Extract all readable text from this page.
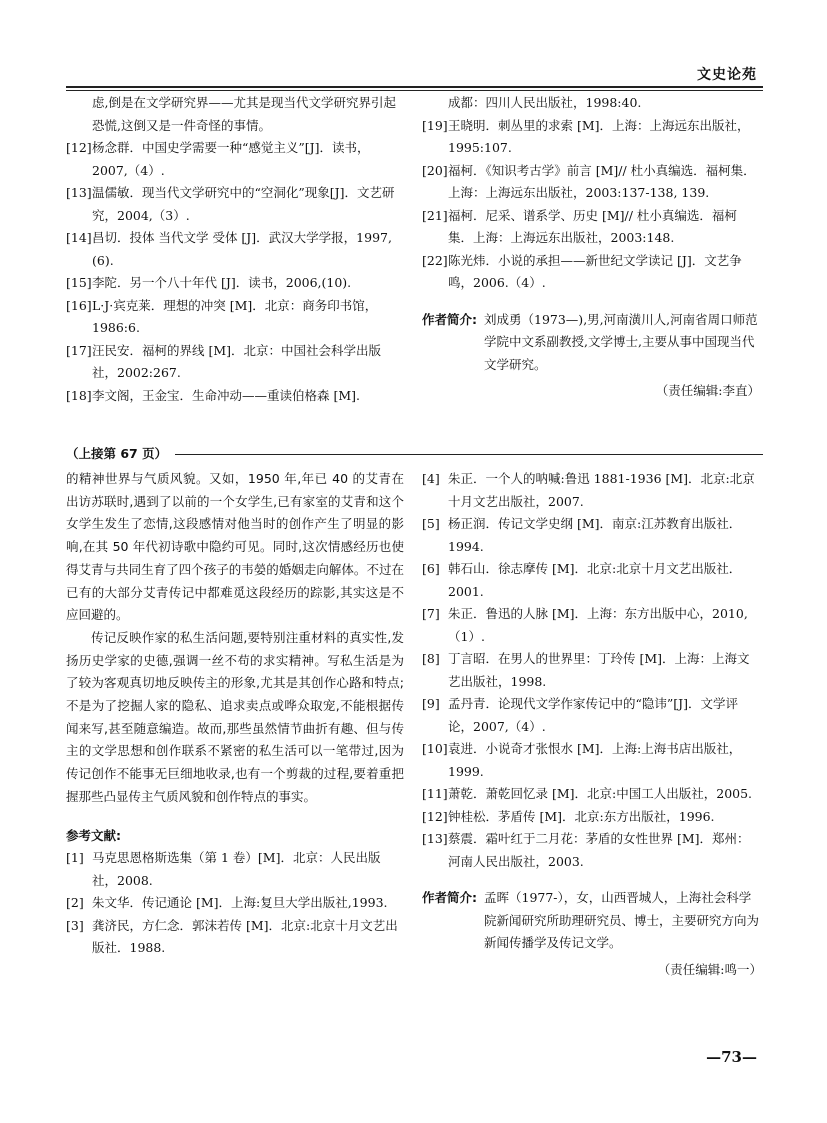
文史论苑
虑,倒是在文学研究界——尤其是现当代文学研究界引起恐慌,这倒又是一件奇怪的事情。
[12]杨念群．中国史学需要一种“感觉主义”[J]．读书，2007,（4）.
[13]温儒敏．现当代文学研究中的“空洞化”现象[J]．文艺研究，2004,（3）.
[14]昌切．投体 当代文学 受体 [J]．武汉大学学报，1997,(6).
[15]李陀．另一个八十年代 [J]．读书，2006,(10).
[16]L·J·宾克莱．理想的冲突 [M]．北京：商务印书馆，1986:6.
[17]汪民安．福柯的界线 [M]．北京：中国社会科学出版社，2002:267.
[18]李文阁，王金宝．生命冲动——重读伯格森 [M].
成都：四川人民出版社，1998:40.
[19]王晓明．刺丛里的求索 [M]．上海：上海远东出版社，1995:107.
[20]福柯．《知识考古学》前言 [M]// 杜小真编选．福柯集．上海：上海远东出版社，2003:137-138, 139.
[21]福柯．尼采、谱系学、历史 [M]// 杜小真编选．福柯集．上海：上海远东出版社，2003:148.
[22]陈光炜．小说的承担——新世纪文学读记 [J]．文艺争鸣，2006.（4）.
作者简介: 刘成勇（1973—),男,河南潢川人,河南省周口师范学院中文系副教授,文学博士,主要从事中国现当代文学研究。
（责任编辑:李直）
（上接第 67 页）
的精神世界与气质风貌。又如，1950 年,年已 40 的艾青在出访苏联时,遇到了以前的一个女学生,已有家室的艾青和这个女学生发生了恋情,这段感情对他当时的创作产生了明显的影响,在其 50 年代初诗歌中隐约可见。同时,这次情感经历也使得艾青与共同生育了四个孩子的韦嫈的婚姻走向解体。不过在已有的大部分艾青传记中都难觅这段经历的踪影,其实这是不应回避的。
传记反映作家的私生活问题,要特别注重材料的真实性,发扬历史学家的史德,强调一丝不苟的求实精神。写私生活是为了较为客观真切地反映传主的形象,尤其是其创作心路和特点;不是为了挖掘人家的隐私、追求卖点或哗众取宠,不能根据传闻来写,甚至随意编造。故而,那些虽然情节曲折有趣、但与传主的文学思想和创作联系不紧密的私生活可以一笔带过,因为传记创作不能事无巨细地收录,也有一个剪裁的过程,要着重把握那些凸显传主气质风貌和创作特点的事实。
参考文献:
[1] 马克思恩格斯选集（第 1 卷）[M]．北京：人民出版社，2008.
[2] 朱文华．传记通论 [M]．上海:复旦大学出版社,1993.
[3] 龚济民，方仁念．郭沫若传 [M]．北京:北京十月文艺出版社．1988.
[4] 朱正．一个人的呐喊:鲁迅 1881-1936 [M]．北京:北京十月文艺出版社，2007.
[5] 杨正润．传记文学史纲 [M]．南京:江苏教育出版社．1994.
[6] 韩石山．徐志摩传 [M]．北京:北京十月文艺出版社．2001.
[7] 朱正．鲁迅的人脉 [M]．上海：东方出版中心，2010,（1）.
[8] 丁言昭．在男人的世界里：丁玲传 [M]．上海：上海文艺出版社，1998.
[9] 孟丹青．论现代文学作家传记中的“隐讳”[J]．文学评论，2007,（4）.
[10]袁进．小说奇才张恨水 [M]．上海:上海书店出版社，1999.
[11]萧乾．萧乾回忆录 [M]．北京:中国工人出版社，2005.
[12]钟桂松．茅盾传 [M]．北京:东方出版社，1996.
[13]蔡震．霜叶红于二月花：茅盾的女性世界 [M]．郑州：河南人民出版社，2003.
作者简介: 孟晖（1977-），女，山西晋城人，上海社会科学院新闻研究所助理研究员、博士，主要研究方向为新闻传播学及传记文学。
（责任编辑:鸣一）
—73—
